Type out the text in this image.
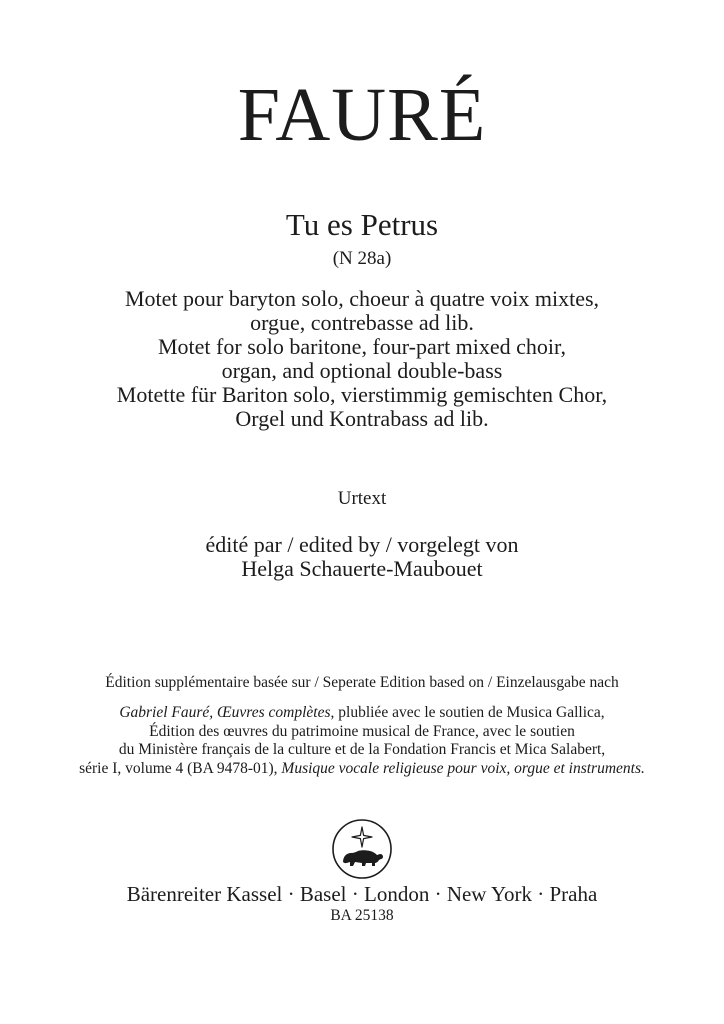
FAURÉ
Tu es Petrus
(N 28a)
Motet pour baryton solo, choeur à quatre voix mixtes,
orgue, contrebasse ad lib.
Motet for solo baritone, four-part mixed choir,
organ, and optional double-bass
Motette für Bariton solo, vierstimmig gemischten Chor,
Orgel und Kontrabass ad lib.
Urtext
édité par / edited by / vorgelegt von
Helga Schauerte-Maubouet
Édition supplémentaire basée sur / Seperate Edition based on / Einzelausgabe nach
Gabriel Fauré, Œuvres complètes, plubliée avec le soutien de Musica Gallica,
Édition des œuvres du patrimoine musical de France, avec le soutien
du Ministère français de la culture et de la Fondation Francis et Mica Salabert,
série I, volume 4 (BA 9478-01), Musique vocale religieuse pour voix, orgue et instruments.
Bärenreiter Kassel · Basel · London · New York · Praha
BA 25138
